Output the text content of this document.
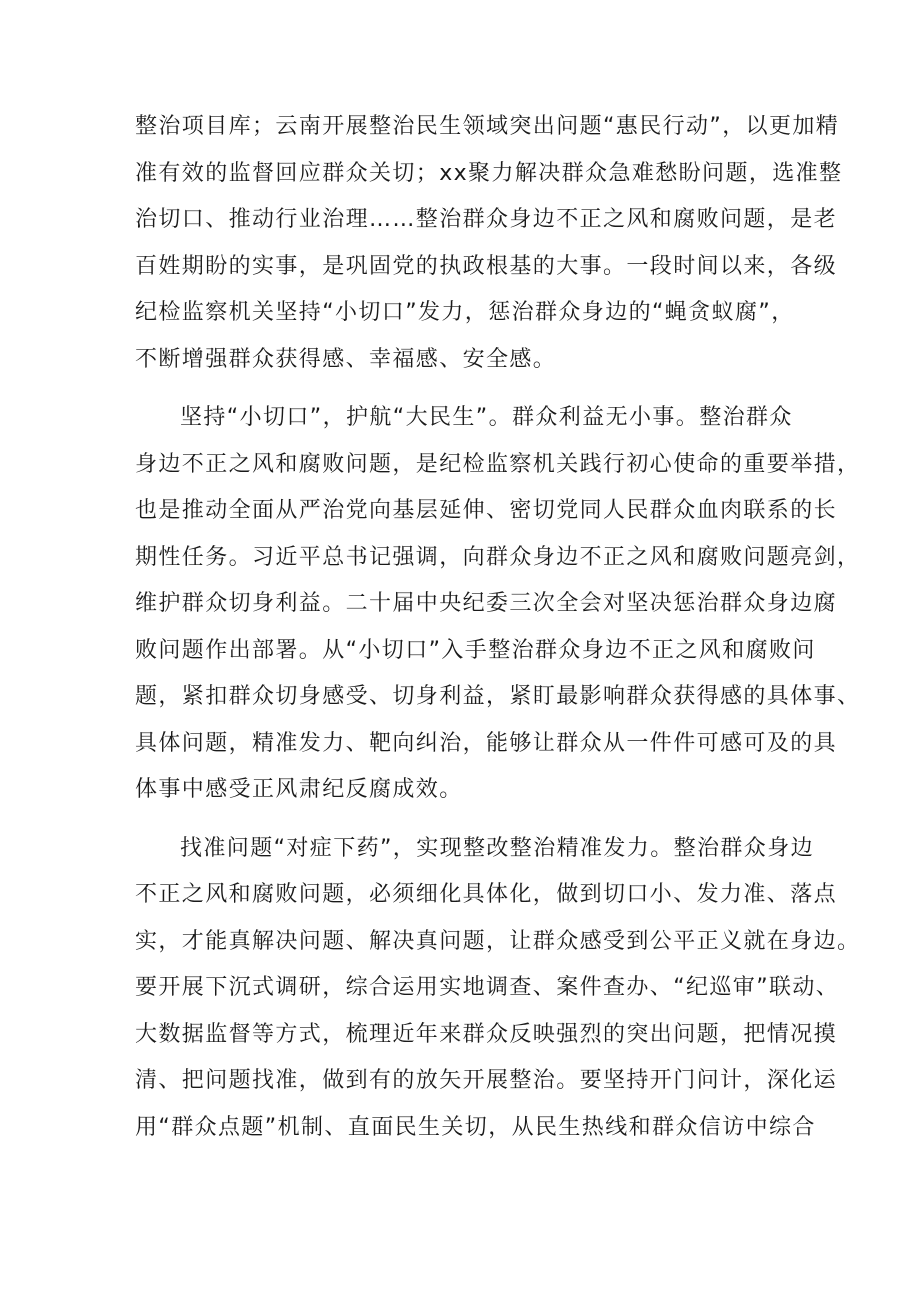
整治项目库；云南开展整治民生领域突出问题“惠民行动”，以更加精
准有效的监督回应群众关切；xx聚力解决群众急难愁盼问题，选准整
治切口、推动行业治理……整治群众身边不正之风和腐败问题，是老
百姓期盼的实事，是巩固党的执政根基的大事。一段时间以来，各级
纪检监察机关坚持“小切口”发力，惩治群众身边的“蝇贪蚁腐”，
不断增强群众获得感、幸福感、安全感。
坚持“小切口”，护航“大民生”。群众利益无小事。整治群众
身边不正之风和腐败问题，是纪检监察机关践行初心使命的重要举措，
也是推动全面从严治党向基层延伸、密切党同人民群众血肉联系的长
期性任务。习近平总书记强调，向群众身边不正之风和腐败问题亮剑，
维护群众切身利益。二十届中央纪委三次全会对坚决惩治群众身边腐
败问题作出部署。从“小切口”入手整治群众身边不正之风和腐败问
题，紧扣群众切身感受、切身利益，紧盯最影响群众获得感的具体事、
具体问题，精准发力、靶向纠治，能够让群众从一件件可感可及的具
体事中感受正风肃纪反腐成效。
找准问题“对症下药”，实现整改整治精准发力。整治群众身边
不正之风和腐败问题，必须细化具体化，做到切口小、发力准、落点
实，才能真解决问题、解决真问题，让群众感受到公平正义就在身边。
要开展下沉式调研，综合运用实地调查、案件查办、“纪巡审”联动、
大数据监督等方式，梳理近年来群众反映强烈的突出问题，把情况摸
清、把问题找准，做到有的放矢开展整治。要坚持开门问计，深化运
用“群众点题”机制、直面民生关切，从民生热线和群众信访中综合
